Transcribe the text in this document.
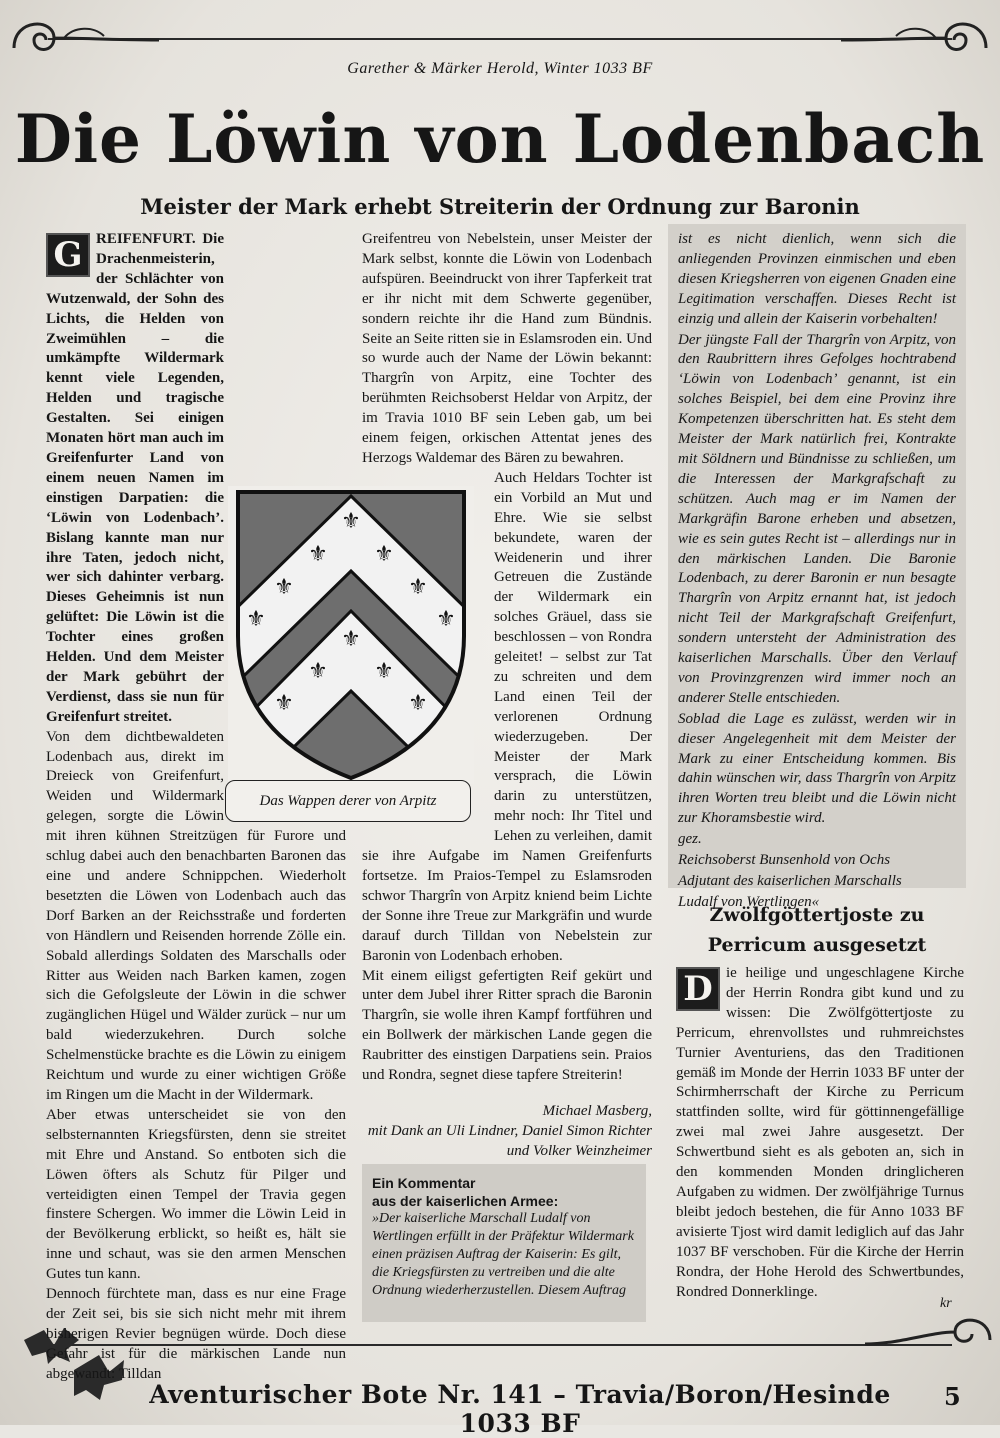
Garether & Märker Herold, Winter 1033 BF
Die Löwin von Lodenbach
Meister der Mark erhebt Streiterin der Ordnung zur Baronin

G REIFENFURT. Die Drachenmeisterin, der Schlächter von Wutzenwald, der Sohn des Lichts, die Helden von Zweimühlen – die umkämpfte Wildermark kennt viele Legenden, Helden und tragische Gestalten. Sei einigen Monaten hört man auch im Greifenfurter Land von einem neuen Namen im einstigen Darpatien: die ‘Löwin von Lodenbach’. Bislang kannte man nur ihre Taten, jedoch nicht, wer sich dahinter verbarg. Dieses Geheimnis ist nun gelüftet: Die Löwin ist die Tochter eines großen Helden. Und dem Meister der Mark gebührt der Verdienst, dass sie nun für Greifenfurt streitet.

Von dem dichtbewaldeten Lodenbach aus, direkt im Dreieck von Greifenfurt, Weiden und Wildermark gelegen, sorgte die Löwin mit ihren kühnen Streitzügen für Furore und schlug dabei auch den benachbarten Baronen das eine und andere Schnippchen. Wiederholt besetzten die Löwen von Lodenbach auch das Dorf Barken an der Reichsstraße und forderten von Händlern und Reisenden horrende Zölle ein. Sobald allerdings Soldaten des Marschalls oder Ritter aus Weiden nach Barken kamen, zogen sich die Gefolgsleute der Löwin in die schwer zugänglichen Hügel und Wälder zurück – nur um bald wiederzukehren. Durch solche Schelmenstücke brachte es die Löwin zu einigem Reichtum und wurde zu einer wichtigen Größe im Ringen um die Macht in der Wildermark.

Aber etwas unterscheidet sie von den selbsternannten Kriegsfürsten, denn sie streitet mit Ehre und Anstand. So entboten sich die Löwen öfters als Schutz für Pilger und verteidigten einen Tempel der Travia gegen finstere Schergen. Wo immer die Löwin Leid in der Bevölkerung erblickt, so heißt es, hält sie inne und schaut, was sie den armen Menschen Gutes tun kann.

Dennoch fürchtete man, dass es nur eine Frage der Zeit sei, bis sie sich nicht mehr mit ihrem bisherigen Revier begnügen würde. Doch diese Gefahr ist für die märkischen Lande nun abgewandt: Tilldan

Greifentreu von Nebelstein, unser Meister der Mark selbst, konnte die Löwin von Lodenbach aufspüren. Beeindruckt von ihrer Tapferkeit trat er ihr nicht mit dem Schwerte gegenüber, sondern reichte ihr die Hand zum Bündnis. Seite an Seite ritten sie in Eslamsroden ein. Und so wurde auch der Name der Löwin bekannt: Thargrîn von Arpitz, eine Tochter des berühmten Reichsoberst Heldar von Arpitz, der im Travia 1010 BF sein Leben gab, um bei einem feigen, orkischen Attentat jenes des Herzogs Waldemar des Bären zu bewahren.

Auch Heldars Tochter ist ein Vorbild an Mut und Ehre. Wie sie selbst bekundete, waren der Weidenerin und ihrer Getreuen die Zustände der Wildermark ein solches Gräuel, dass sie beschlossen – von Rondra geleitet! – selbst zur Tat zu schreiten und dem Land einen Teil der verlorenen Ordnung wiederzugeben. Der Meister der Mark versprach, die Löwin darin zu unterstützen, mehr noch: Ihr Titel und Lehen zu verleihen, damit sie ihre Aufgabe im Namen Greifenfurts fortsetze. Im Praios-Tempel zu Eslamsroden schwor Thargrîn von Arpitz kniend beim Lichte der Sonne ihre Treue zur Markgräfin und wurde darauf durch Tilldan von Nebelstein zur Baronin von Lodenbach erhoben.

Mit einem eiligst gefertigten Reif gekürt und unter dem Jubel ihrer Ritter sprach die Baronin Thargrîn, sie wolle ihren Kampf fortführen und ein Bollwerk der märkischen Lande gegen die Raubritter des einstigen Darpatiens sein. Praios und Rondra, segnet diese tapfere Streiterin!

Michael Masberg,

mit Dank an Uli Lindner, Daniel Simon Richter

und Volker Weinzheimer

⚜
⚜ ⚜
⚜	⚜
⚜	⚜
⚜
⚜ ⚜
⚜	⚜
Das Wappen derer von Arpitz
Ein Kommentar
aus der kaiserlichen Armee:
»Der kaiserliche Marschall Ludalf von Wertlingen erfüllt in der Präfektur Wildermark einen präzisen Auftrag der Kaiserin: Es gilt, die Kriegsfürsten zu vertreiben und die alte Ordnung wiederherzustellen. Diesem Auftrag

ist es nicht dienlich, wenn sich die anliegenden Provinzen einmischen und eben diesen Kriegsherren von eigenen Gnaden eine Legitimation verschaffen. Dieses Recht ist einzig und allein der Kaiserin vorbehalten!

Der jüngste Fall der Thargrîn von Arpitz, von den Raubrittern ihres Gefolges hochtrabend ‘Löwin von Lodenbach’ genannt, ist ein solches Beispiel, bei dem eine Provinz ihre Kompetenzen überschritten hat. Es steht dem Meister der Mark natürlich frei, Kontrakte mit Söldnern und Bündnisse zu schließen, um die Interessen der Markgrafschaft zu schützen. Auch mag er im Namen der Markgräfin Barone erheben und absetzen, wie es sein gutes Recht ist – allerdings nur in den märkischen Landen. Die Baronie Lodenbach, zu derer Baronin er nun besagte Thargrîn von Arpitz ernannt hat, ist jedoch nicht Teil der Markgrafschaft Greifenfurt, sondern untersteht der Administration des kaiserlichen Marschalls. Über den Verlauf von Provinzgrenzen wird immer noch an anderer Stelle entschieden.

Soblad die Lage es zulässt, werden wir in dieser Angelegenheit mit dem Meister der Mark zu einer Entscheidung kommen. Bis dahin wünschen wir, dass Thargrîn von Arpitz ihren Worten treu bleibt und die Löwin nicht zur Khoramsbestie wird.

gez.

Reichsoberst Bunsenhold von Ochs

Adjutant des kaiserlichen Marschalls

Ludalf von Wertlingen«

Zwölfgöttertjoste zu Perricum ausgesetzt

D ie heilige und ungeschlagene Kirche der Herrin Rondra gibt kund und zu wissen: Die Zwölfgöttertjoste zu Perricum, ehrenvollstes und ruhmreichstes Turnier Aventuriens, das den Traditionen gemäß im Monde der Herrin 1033 BF unter der Schirmherrschaft der Kirche zu Perricum stattfinden sollte, wird für göttinnengefällige zwei mal zwei Jahre ausgesetzt. Der Schwertbund sieht es als geboten an, sich in den kommenden Monden dringlicheren Aufgaben zu widmen. Der zwölfjährige Turnus bleibt jedoch bestehen, die für Anno 1033 BF avisierte Tjost wird damit lediglich auf das Jahr 1037 BF verschoben. Für die Kirche der Herrin Rondra, der Hohe Herold des Schwertbundes, Rondred Donnerklinge.

kr
Aventurischer Bote Nr. 141 – Travia/Boron/Hesinde 1033 BF
5
